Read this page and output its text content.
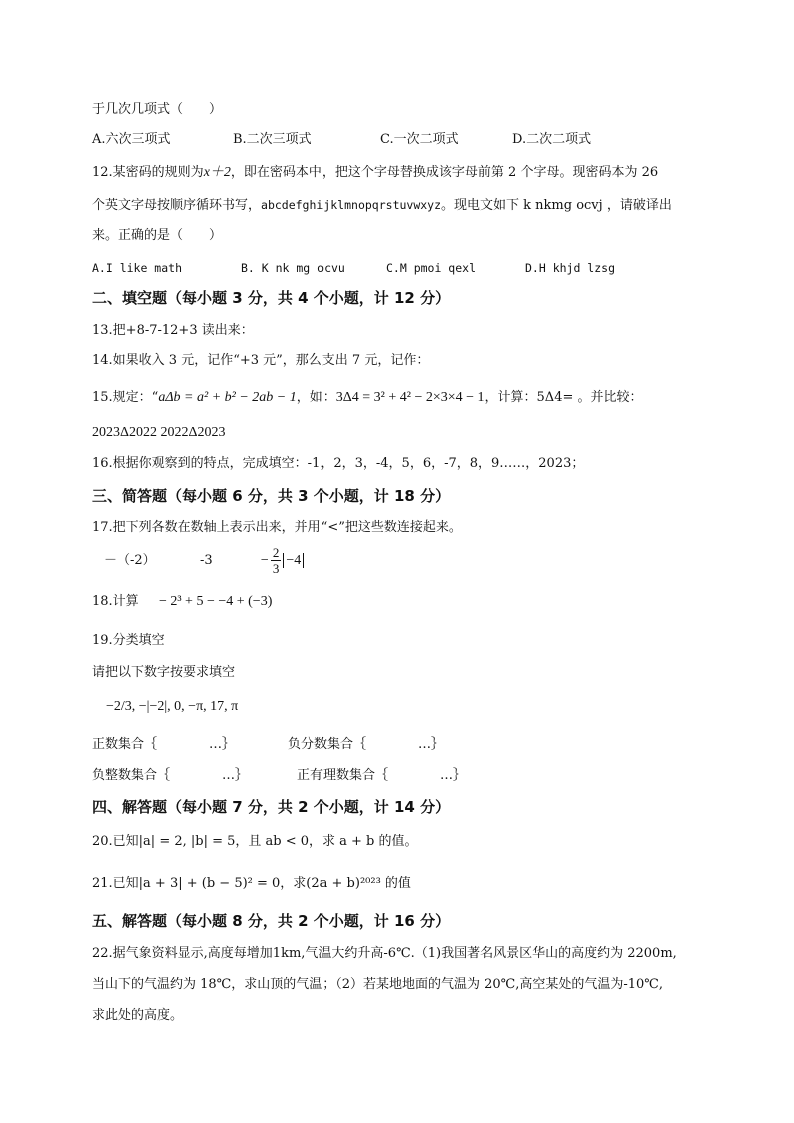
于几次几项式（　　）
A.六次三项式	B.二次三项式	C.一次二项式	D.二次二项式
12.某密码的规则为x＋2，即在密码本中，把这个字母替换成该字母前第 2 个字母。现密码本为 26
个英文字母按顺序循环书写，abcdefghijklmnopqrstuvwxyz。现电文如下 k nkmg ocvj ，请破译出
来。正确的是（　　）
A.I like math	B. K nk mg ocvu	C.M pmoi qexl	D.H khjd lzsg
二、填空题（每小题 3 分，共 4 个小题，计 12 分）
13.把+8-7-12+3 读出来：
14.如果收入 3 元，记作“+3 元”，那么支出 7 元，记作：
15.规定：“aΔb = a² + b² − 2ab − 1，如：3Δ4 = 3² + 4² − 2×3×4 − 1，计算：5Δ4= 。并比较：
2023Δ2022 2022Δ2023
16.根据你观察到的特点，完成填空：-1，2，3，-4，5，6，-7，8，9……，2023；
三、简答题（每小题 6 分，共 3 个小题，计 18 分）
17.把下列各数在数轴上表示出来，并用“<”把这些数连接起来。
－（-2）	-3	− $\frac{2}{3} -4$
18.计算 − 2³ + 5 − −4 + (−3)
19.分类填空
请把以下数字按要求填空
−2/3, −|−2|, 0, −π, 17, π
正数集合｛　　　　…｝	负分数集合｛　　　　…｝
负整数集合｛　　　　…｝	正有理数集合｛　　　　…｝
四、解答题（每小题 7 分，共 2 个小题，计 14 分）
20.已知|a| = 2, |b| = 5，且 ab < 0，求 a + b 的值。
21.已知|a + 3| + (b − 5)² = 0，求(2a + b)²⁰²³ 的值
五、解答题（每小题 8 分，共 2 个小题，计 16 分）
22.据气象资料显示,高度每增加1km,气温大约升高-6℃.（1)我国著名风景区华山的高度约为 2200m,
当山下的气温约为 18℃，求山顶的气温；（2）若某地地面的气温为 20℃,高空某处的气温为-10℃,
求此处的高度。
